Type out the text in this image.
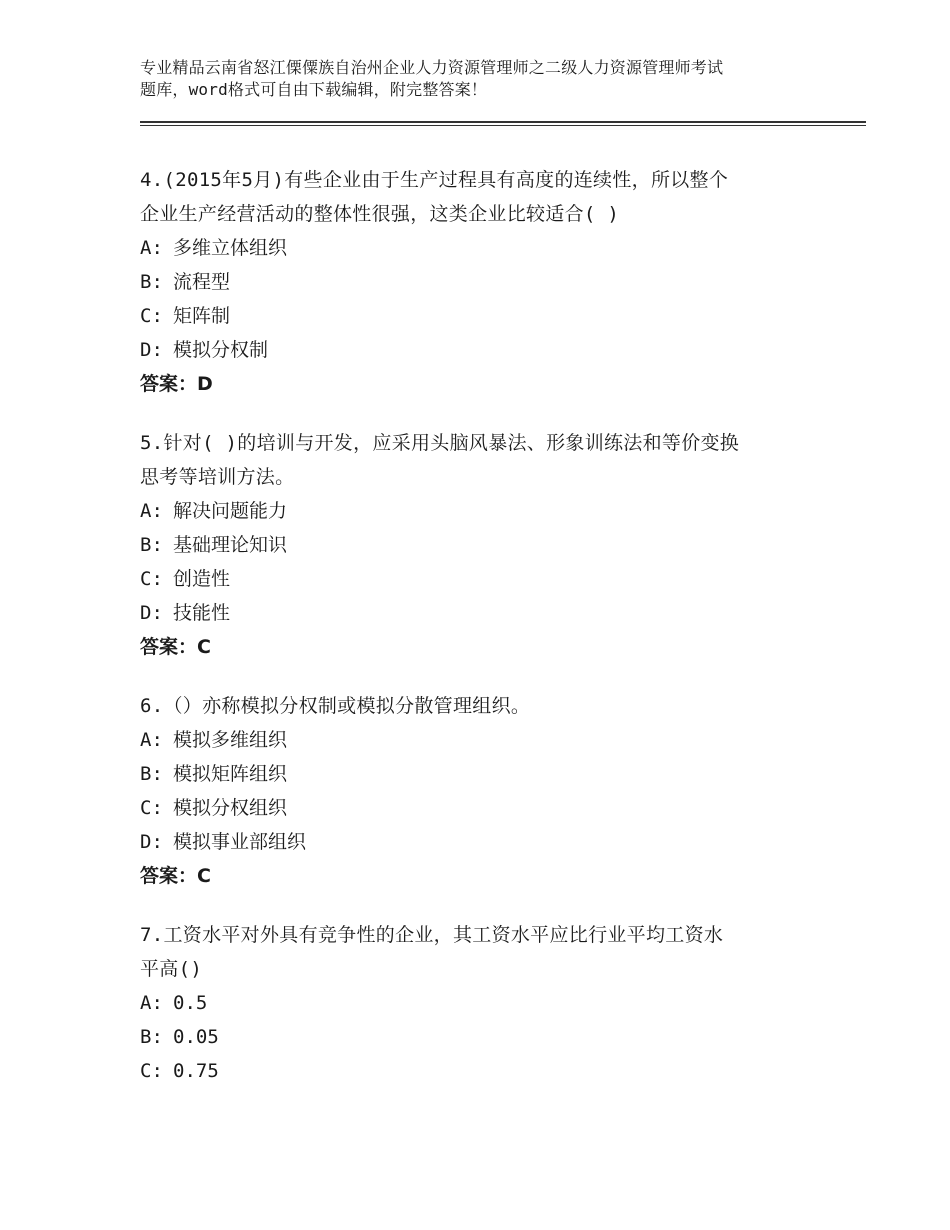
专业精品云南省怒江傈僳族自治州企业人力资源管理师之二级人力资源管理师考试
题库，word格式可自由下载编辑，附完整答案！
4.(2015年5月)有些企业由于生产过程具有高度的连续性，所以整个
企业生产经营活动的整体性很强，这类企业比较适合( )
A: 多维立体组织
B: 流程型
C: 矩阵制
D: 模拟分权制
答案：D
5.针对( )的培训与开发，应采用头脑风暴法、形象训练法和等价变换
思考等培训方法。
A: 解决问题能力
B: 基础理论知识
C: 创造性
D: 技能性
答案：C
6.（）亦称模拟分权制或模拟分散管理组织。
A: 模拟多维组织
B: 模拟矩阵组织
C: 模拟分权组织
D: 模拟事业部组织
答案：C
7.工资水平对外具有竞争性的企业，其工资水平应比行业平均工资水
平高()
A: 0.5
B: 0.05
C: 0.75
